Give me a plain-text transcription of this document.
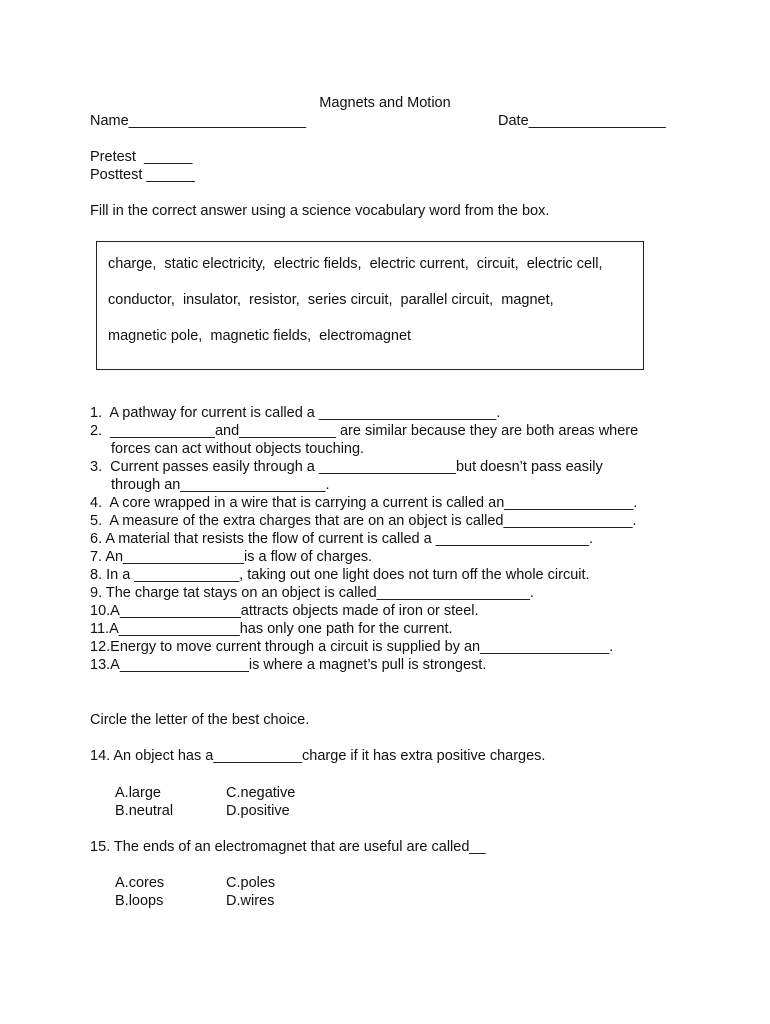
Magnets and Motion
Name______________________	Date_________________
Pretest  ______
Posttest ______
Fill in the correct answer using a science vocabulary word from the box.
charge,  static electricity,  electric fields,  electric current,  circuit,  electric cell,
conductor,  insulator,  resistor,  series circuit,  parallel circuit,  magnet,
magnetic pole,  magnetic fields,  electromagnet
1.  A pathway for current is called a ______________________.
2.  _____________and____________ are similar because they are both areas where
forces can act without objects touching.
3.  Current passes easily through a _________________but doesn’t pass easily
through an__________________.
4.  A core wrapped in a wire that is carrying a current is called an________________.
5.  A measure of the extra charges that are on an object is called________________.
6. A material that resists the flow of current is called a ___________________.
7. An_______________is a flow of charges.
8. In a _____________, taking out one light does not turn off the whole circuit.
9. The charge tat stays on an object is called___________________.
10.A_______________attracts objects made of iron or steel.
11.A_______________has only one path for the current.
12.Energy to move current through a circuit is supplied by an________________.
13.A________________is where a magnet’s pull is strongest.
Circle the letter of the best choice.
14. An object has a___________charge if it has extra positive charges.
A.large	C.negative
B.neutral	D.positive
15. The ends of an electromagnet that are useful are called__
A.cores	C.poles
B.loops	D.wires
